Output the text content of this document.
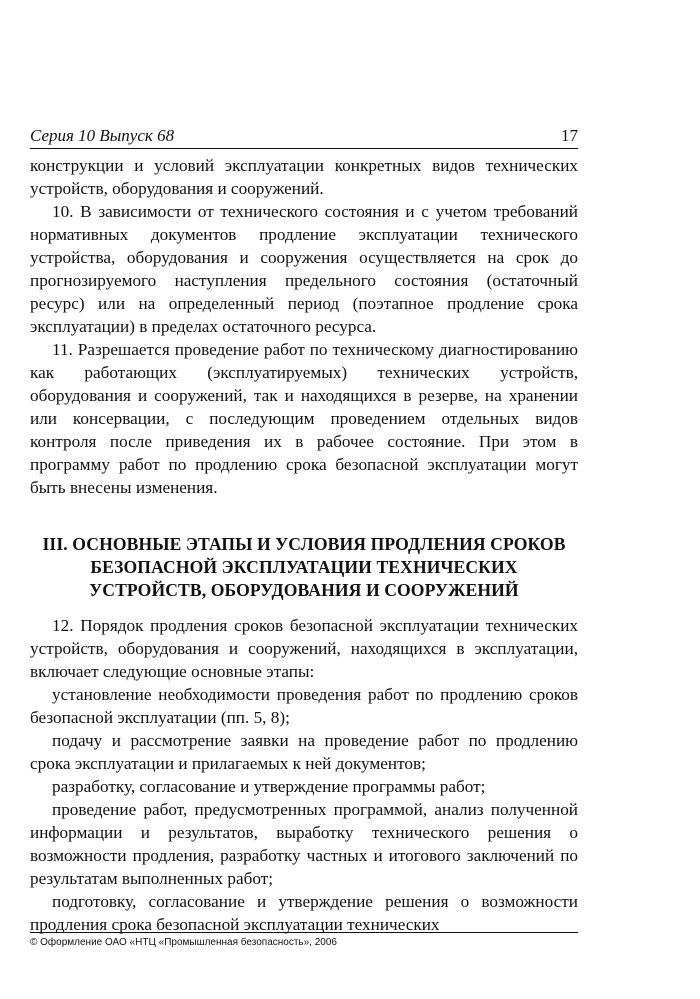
Серия 10 Выпуск 68	17

конструкции и условий эксплуатации конкретных видов технических устройств, оборудования и сооружений.

10. В зависимости от технического состояния и с учетом требований нормативных документов продление эксплуатации технического устройства, оборудования и сооружения осуществляется на срок до прогнозируемого наступления предельного состояния (остаточный ресурс) или на определенный период (поэтапное продление срока эксплуатации) в пределах остаточного ресурса.

11. Разрешается проведение работ по техническому диагностированию как работающих (эксплуатируемых) технических устройств, оборудования и сооружений, так и находящихся в резерве, на хранении или консервации, с последующим проведением отдельных видов контроля после приведения их в рабочее состояние. При этом в программу работ по продлению срока безопасной эксплуатации могут быть внесены изменения.

III. ОСНОВНЫЕ ЭТАПЫ И УСЛОВИЯ ПРОДЛЕНИЯ СРОКОВ БЕЗОПАСНОЙ ЭКСПЛУАТАЦИИ ТЕХНИЧЕСКИХ УСТРОЙСТВ, ОБОРУДОВАНИЯ И СООРУЖЕНИЙ

12. Порядок продления сроков безопасной эксплуатации технических устройств, оборудования и сооружений, находящихся в эксплуатации, включает следующие основные этапы:

установление необходимости проведения работ по продлению сроков безопасной эксплуатации (пп. 5, 8);

подачу и рассмотрение заявки на проведение работ по продлению срока эксплуатации и прилагаемых к ней документов;

разработку, согласование и утверждение программы работ;

проведение работ, предусмотренных программой, анализ полученной информации и результатов, выработку технического решения о возможности продления, разработку частных и итогового заключений по результатам выполненных работ;

подготовку, согласование и утверждение решения о возможности продления срока безопасной эксплуатации технических

© Оформление ОАО «НТЦ «Промышленная безопасность», 2006
